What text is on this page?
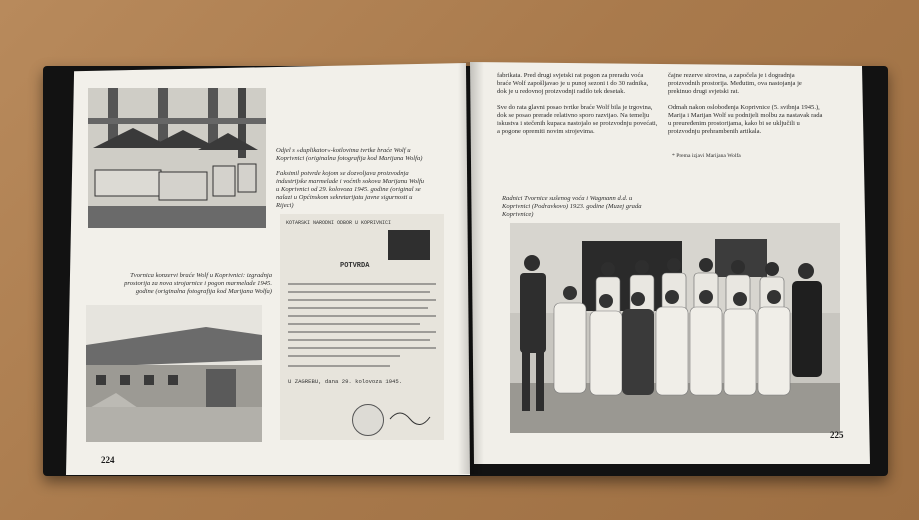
Odjel s »duplikator«-kotlovima tvrtke braće Wolf u
Koprivnici (originalna fotografija kod Marijana Wolfa)
Faksimil potvrde kojom se dozvoljava proizvodnja
industrijske marmelade i voćnih sokova Marijanu Wolfu
u Koprivnici od 29. kolovoza 1945. godine (original se
nalazi u Općinskom sekretarijatu javne sigurnosti u
Rijeci)
KOTARSKI NARODNI ODBOR U KOPRIVNICI
POTVRDA
U ZAGREBU, dana 29. kolovoza 1945.
Tvornica konzervi braće Wolf u Koprivnici: izgradnja
prostorija za nova strojarnice i pogon marmelade 1945.
godine (originalna fotografija kod Marijana Wolfa)
224
fabrikata. Pred drugi svjetski rat pogon za preradu voća braće Wolf zapošljavao je u punoj sezoni i do 30 radnika, dok je u redovnoj proizvodnji radilo tek desetak.

Sve do rata glavni posao tvrtke braće Wolf bila je trgovina, dok se posao prerade relativno sporo razvijao. Na temelju iskustva i stečenih kupaca nastojalo se proizvodnju povećati, a pogone opremiti novim strojevima.
čajne rezerve sirovina, a započela je i dogradnja proizvodnih prostorija. Međutim, ova nastojanja je prekinuo drugi svjetski rat.

Odmah nakon oslobođenja Koprivnice (5. svibnja 1945.), Marija i Marijan Wolf su podnijeli molbu za nastavak rada u preuređenim prostorijama, kako bi se uključili u proizvodnju prehrambenih artikala.
* Prema izjavi Marijana Wolfa
Radnici Tvornice sušenog voća i Wagmann d.d. u
Koprivnici (Podravkovo) 1923. godine (Muzej grada
Koprivnice)
225
